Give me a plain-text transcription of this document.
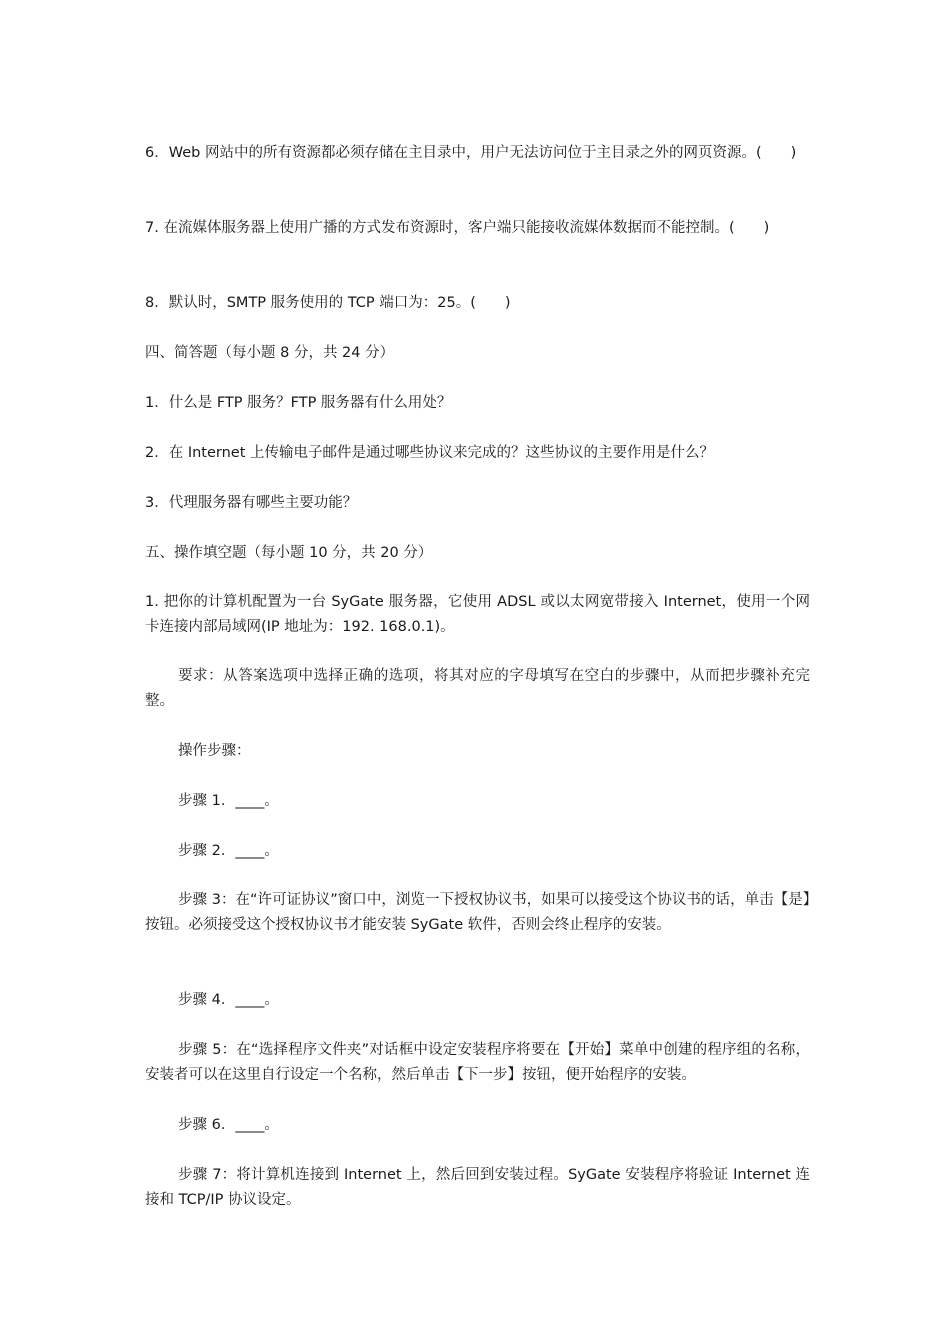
6．Web 网站中的所有资源都必须存储在主目录中，用户无法访问位于主目录之外的网页资源。(　　)

7. 在流媒体服务器上使用广播的方式发布资源时，客户端只能接收流媒体数据而不能控制。(　　)

8．默认时，SMTP 服务使用的 TCP 端口为：25。(　　)

四、简答题（每小题 8 分，共 24 分）

1．什么是 FTP 服务？FTP 服务器有什么用处？

2．在 Internet 上传输电子邮件是通过哪些协议来完成的？这些协议的主要作用是什么？

3．代理服务器有哪些主要功能？

五、操作填空题（每小题 10 分，共 20 分）

1. 把你的计算机配置为一台 SyGate 服务器，它使用 ADSL 或以太网宽带接入 Internet，使用一个网卡连接内部局域网(IP 地址为：192. 168.0.1)。

要求：从答案选项中选择正确的选项，将其对应的字母填写在空白的步骤中，从而把步骤补充完整。

操作步骤：

步骤 1．____。

步骤 2．____。

步骤 3：在“许可证协议”窗口中，浏览一下授权协议书，如果可以接受这个协议书的话，单击【是】按钮。必须接受这个授权协议书才能安装 SyGate 软件，否则会终止程序的安装。

步骤 4．____。

步骤 5：在“选择程序文件夹”对话框中设定安装程序将要在【开始】菜单中创建的程序组的名称，安装者可以在这里自行设定一个名称，然后单击【下一步】按钮，便开始程序的安装。

步骤 6．____。

步骤 7：将计算机连接到 Internet 上，然后回到安装过程。SyGate 安装程序将验证 Internet 连接和 TCP/IP 协议设定。
